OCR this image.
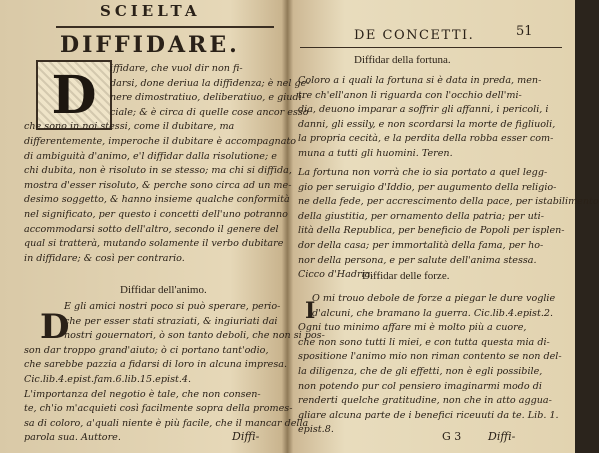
SCIELTA
DIFFIDARE.
D	iffidare, che vuol dir non fi-
darsi, done deriua la diffidenza; è nel ge-
nere dimostratiuo, deliberatiuo, e giudi-
ciale; & è circa di quelle cose ancor esso
che sono in noi stessi, come il dubitare, ma
differentemente, imperoche il dubitare è accompagnato
di ambiguità d'animo, e'l diffidar dalla risolutione; e
chi dubita, non è risoluto in se stesso; ma chi si diffida,
mostra d'esser risoluto, & perche sono circa ad un me-
desimo soggetto, & hanno insieme qualche conformità
nel significato, per questo i concetti dell'uno potranno
accommodarsi sotto dell'altro, secondo il genere del
qual si tratterà, mutando solamente il verbo dubitare
in diffidare; & così per contrario.
Diffidar dell'animo.
D
E gli amici nostri poco si può sperare, perio-
che per esser stati straziati, & ingiuriati dai
nostri gouernatori, ò son tanto deboli, che non si pos-
son dar troppo grand'aiuto; ò ci portano tant'odio,
che sarebbe pazzia a fidarsi di loro in alcuna impresa.
Cic.lib.4.epist.fam.6.lib.15.epist.4.
L'importanza del negotio è tale, che non consen-
te, ch'io m'acquieti così facilmente sopra della promes-
sa di coloro, a'quali niente è più facile, che il mancar della
parola sua. Auttore.	Diffi-
DE CONCETTI.	51
Diffidar della fortuna.
Coloro a i quali la fortuna si è data in preda, men-
tre ch'ell'anon li riguarda con l'occhio dell'mi-
dia, deuono imparar a soffrir gli affanni, i pericoli, i
danni, gli essily, e non scordarsi la morte de figliuoli,
la propria cecità, e la perdita della robba esser com-
muna a tutti gli huomini. Teren.
La fortuna non vorrà che io sia portato a quel legg-
gio per seruigio d'Iddio, per augumento della religio-
ne della fede, per accrescimento della pace, per istabilimento
della giustitia, per ornamento della patria; per uti-
lità della Republica, per beneficio de Popoli per isplen-
dor della casa; per immortalità della fama, per ho-
nor della persona, e per salute dell'anima stessa.
Cicco d'Hadria.
Diffidar delle forze.
I
O mi trouo debole de forze a piegar le dure voglie
d'alcuni, che bramano la guerra. Cic.lib.4.epist.2.
Ogni tuo minimo affare mi è molto più a cuore,
che non sono tutti li miei, e con tutta questa mia di-
spositione l'animo mio non riman contento se non del-
la diligenza, che de gli effetti, non è egli possibile,
non potendo pur col pensiero imaginarmi modo di
renderti quelche gratitudine, non che in atto aggua-
gliare alcuna parte de i benefici riceuuti da te. Lib. 1.
epist.8.
G 3 Diffi-
